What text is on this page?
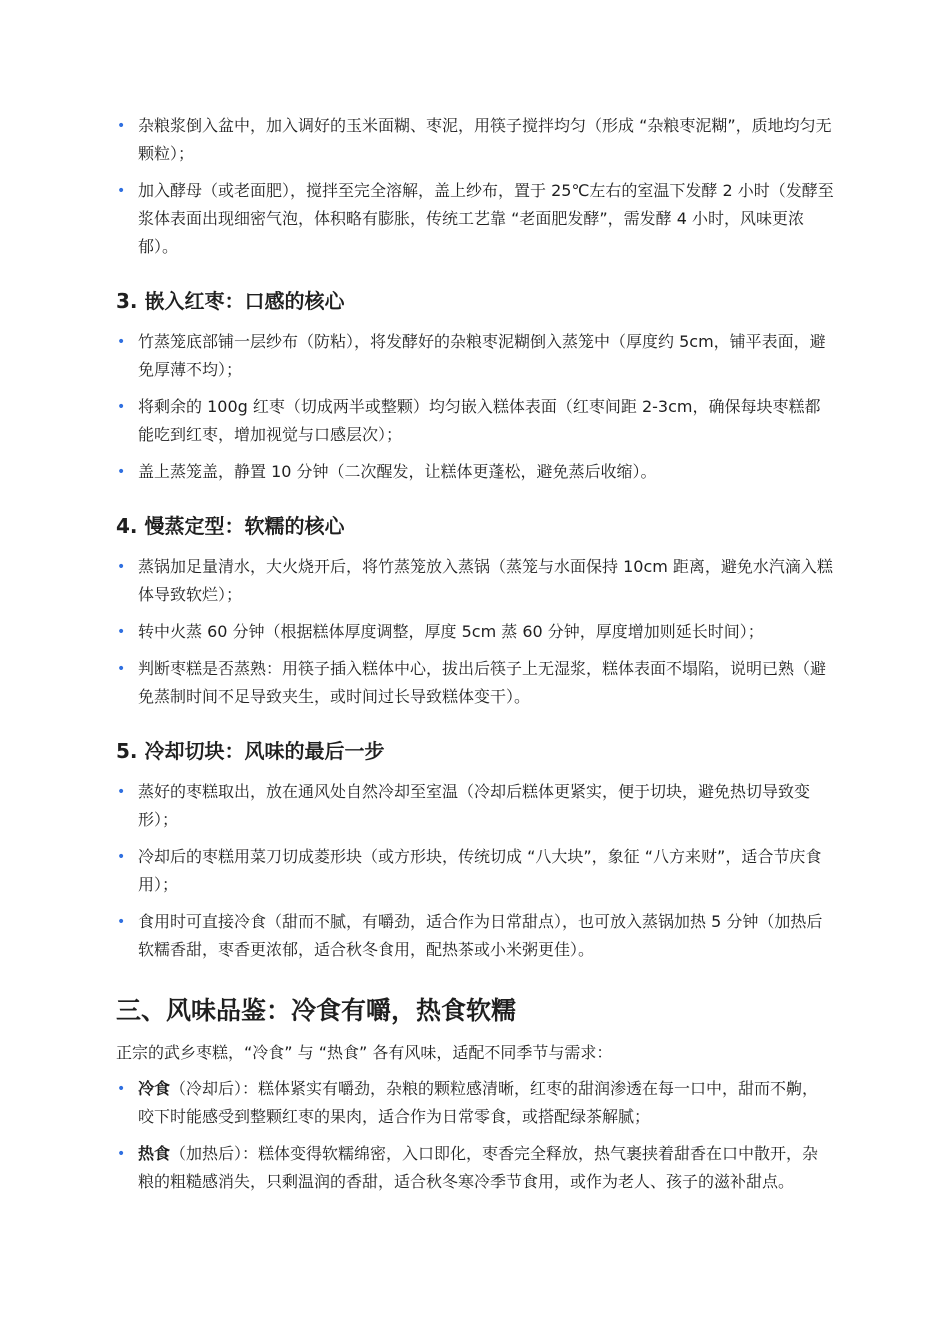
• 杂粮浆倒入盆中，加入调好的玉米面糊、枣泥，用筷子搅拌均匀（形成 “杂粮枣泥糊”，质地均匀无颗粒）；
• 加入酵母（或老面肥），搅拌至完全溶解，盖上纱布，置于 25℃左右的室温下发酵 2 小时（发酵至浆体表面出现细密气泡，体积略有膨胀，传统工艺靠 “老面肥发酵”，需发酵 4 小时，风味更浓郁）。
3. 嵌入红枣：口感的核心
• 竹蒸笼底部铺一层纱布（防粘），将发酵好的杂粮枣泥糊倒入蒸笼中（厚度约 5cm，铺平表面，避免厚薄不均）；
• 将剩余的 100g 红枣（切成两半或整颗）均匀嵌入糕体表面（红枣间距 2-3cm，确保每块枣糕都能吃到红枣，增加视觉与口感层次）；
• 盖上蒸笼盖，静置 10 分钟（二次醒发，让糕体更蓬松，避免蒸后收缩）。
4. 慢蒸定型：软糯的核心
• 蒸锅加足量清水，大火烧开后，将竹蒸笼放入蒸锅（蒸笼与水面保持 10cm 距离，避免水汽滴入糕体导致软烂）；
• 转中火蒸 60 分钟（根据糕体厚度调整，厚度 5cm 蒸 60 分钟，厚度增加则延长时间）；
• 判断枣糕是否蒸熟：用筷子插入糕体中心，拔出后筷子上无湿浆，糕体表面不塌陷，说明已熟（避免蒸制时间不足导致夹生，或时间过长导致糕体变干）。
5. 冷却切块：风味的最后一步
• 蒸好的枣糕取出，放在通风处自然冷却至室温（冷却后糕体更紧实，便于切块，避免热切导致变形）；
• 冷却后的枣糕用菜刀切成菱形块（或方形块，传统切成 “八大块”，象征 “八方来财”，适合节庆食用）；
• 食用时可直接冷食（甜而不腻，有嚼劲，适合作为日常甜点），也可放入蒸锅加热 5 分钟（加热后软糯香甜，枣香更浓郁，适合秋冬食用，配热茶或小米粥更佳）。
三、风味品鉴：冷食有嚼，热食软糯

正宗的武乡枣糕，“冷食” 与 “热食” 各有风味，适配不同季节与需求：

• 冷食（冷却后）：糕体紧实有嚼劲，杂粮的颗粒感清晰，红枣的甜润渗透在每一口中，甜而不齁，咬下时能感受到整颗红枣的果肉，适合作为日常零食，或搭配绿茶解腻；
• 热食（加热后）：糕体变得软糯绵密，入口即化，枣香完全释放，热气裹挟着甜香在口中散开，杂粮的粗糙感消失，只剩温润的香甜，适合秋冬寒冷季节食用，或作为老人、孩子的滋补甜点。
